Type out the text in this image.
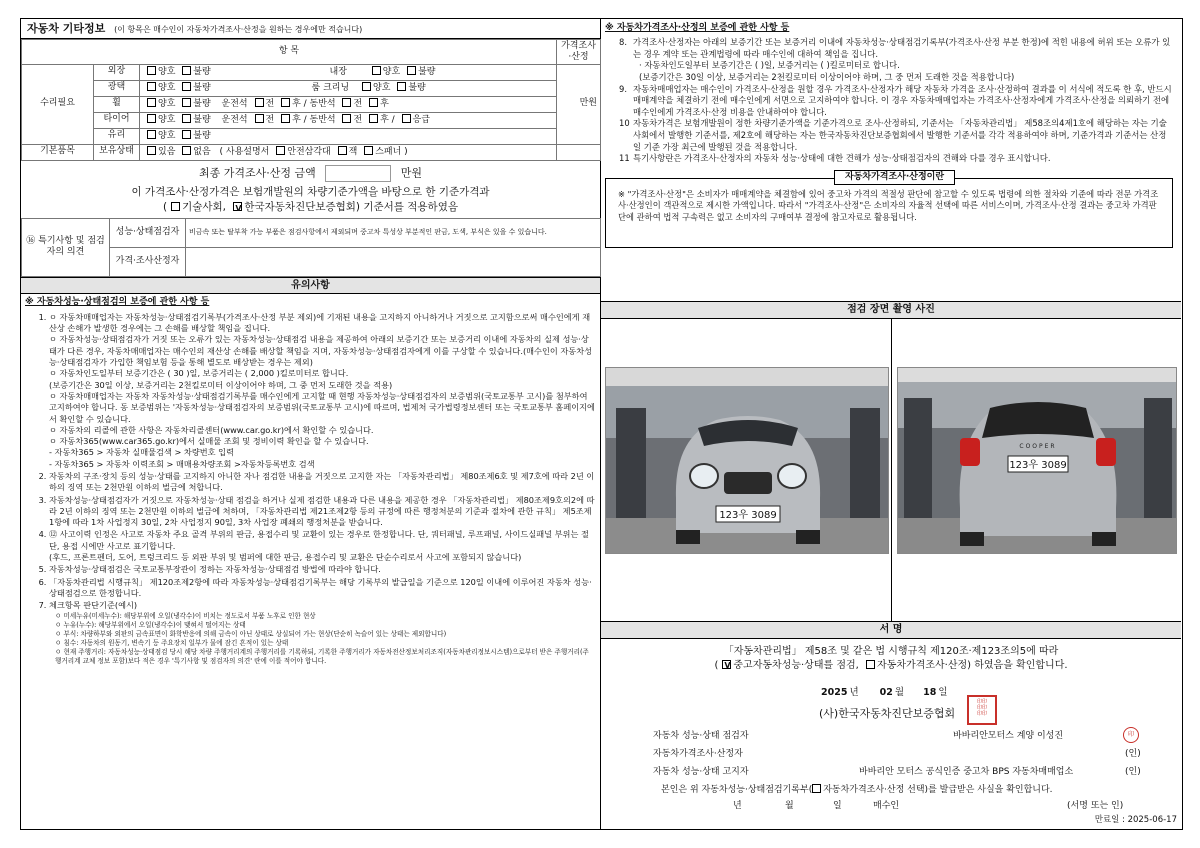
자동차 기타정보 (이 항목은 매수인이 자동차가격조사·산정을 원하는 경우에만 적습니다)
항 목			가격조사·산정
수리필요	외장	양호 불량 내장 양호 불량	만원
	광택	양호 불량 룸 크리닝 양호 불량	
	휠	양호 불량 운전석 전 후 / 동반석 전 후	
	타이어	양호 불량 운전석 전 후 / 동반석 전 후 / 응급	
	유리	양호 불량	
기본품목	보유상태	있음 없음 ( 사용설명서 안전삼각대 잭 스패너 )	
최종 가격조사·산정 금액	만원
이 가격조사·산정가격은 보험개발원의 차량기준가액을 바탕으로 한 기준가격과
( 기술사회, V 한국자동차진단보증협회) 기준서를 적용하였음
⑯ 특기사항 및 점검자의 의견	성능·상태점검자	비금속 또는 탈부착 가능 부품은 점검사항에서 제외되며 중고차 특성상 부분적인 판금, 도색, 부식은 있을 수 있습니다.
	가격·조사산정자	
유의사항
※ 자동차성능·상태점검의 보증에 관한 사항 등
1. ㅇ 자동차매매업자는 자동차성능·상태점검기록부(가격조사·산정 부분 제외)에 기재된 내용을 고지하지 아니하거나 거짓으로 고지함으로써 매수인에게 재산상 손해가 발생한 경우에는 그 손해를 배상할 책임을 집니다.
ㅇ 자동차성능·상태점검자가 거짓 또는 오류가 있는 자동차성능·상태점검 내용을 제공하여 아래의 보증기간 또는 보증거리 이내에 자동차의 실제 성능·상태가 다른 경우, 자동차매매업자는 매수인의 재산상 손해를 배상할 책임을 지며, 자동차성능·상태점검자에게 이를 구상할 수 있습니다.(매수인이 자동차성능·상태점검자가 가입한 책임보험 등을 통해 별도로 배상받는 경우는 제외)
ㅇ 자동차인도일부터 보증기간은 ( 30 )일, 보증거리는 ( 2,000 )킬로미터로 합니다.
(보증기간은 30일 이상, 보증거리는 2천킬로미터 이상이어야 하며, 그 중 먼저 도래한 것을 적용)
ㅇ 자동차매매업자는 자동차 자동차성능·상태점검기록부를 매수인에게 고지할 때 현행 자동차성능·상태점검자의 보증범위(국토교통부 고시)를 첨부하여 고지하여야 합니다. 동 보증범위는 '자동차성능·상태점검자의 보증범위(국토교통부 고시)에 따르며, 법제처 국가법령정보센터 또는 국토교통부 홈페이지에서 확인할 수 있습니다.
ㅇ 자동차의 리콜에 관한 사항은 자동차리콜센터(www.car.go.kr)에서 확인할 수 있습니다.
ㅇ 자동차365(www.car365.go.kr)에서 실매물 조회 및 정비이력 확인을 할 수 있습니다.
- 자동차365 > 자동차 실매물검색 > 차량번호 입력
- 자동차365 > 자동차 이력조회 > 매매용차량조회 >자동차등록번호 검색
2. 자동차의 구조·장치 등의 성능·상태를 고지하지 아니한 자나 점검한 내용을 거짓으로 고지한 자는 「자동차관리법」 제80조제6호 및 제7호에 따라 2년 이하의 징역 또는 2천만원 이하의 벌금에 처합니다.
3. 자동차성능·상태점검자가 거짓으로 자동차성능·상태 점검을 하거나 실제 점검한 내용과 다른 내용을 제공한 경우 「자동차관리법」 제80조제9호의2에 따라 2년 이하의 징역 또는 2천만원 이하의 벌금에 처하며, 「자동차관리법 제21조제2항 등의 규정에 따른 행정처분의 기준과 절차에 관한 규칙」 제5조제1항에 따라 1차 사업정지 30일, 2차 사업정지 90일, 3차 사업장 폐쇄의 행정처분을 받습니다.
4. ⑫ 사고이력 인정은 사고로 자동차 주요 골격 부위의 판금, 용접수리 및 교환이 있는 경우로 한정합니다. 단, 쿼터패널, 루프패널, 사이드실패널 부위는 절단, 용접 시에만 사고로 표기합니다.
(후드, 프론트펜더, 도어, 트렁크리드 등 외판 부위 및 범퍼에 대한 판금, 용접수리 및 교환은 단순수리로서 사고에 포함되지 않습니다)
5. 자동차성능·상태점검은 국토교통부장관이 정하는 자동차성능·상태점검 방법에 따라야 합니다.
6. 「자동차관리법 시행규칙」 제120조제2항에 따라 자동차성능·상태점검기록부는 해당 기록부의 발급일을 기준으로 120일 이내에 이루어진 자동차 성능·상태점검으로 한정합니다.
7. 체크항목 판단기준(예시)
ㅇ 미세누유(미세누수): 해당부위에 오일(냉각수)이 비치는 정도로서 부품 노후로 인한 현상
ㅇ 누유(누수): 해당부위에서 오일(냉각수)이 맺혀서 떨어지는 상태
ㅇ 부식: 차량하부와 외판의 금속표면이 화학반응에 의해 금속이 아닌 상태로 상실되어 가는 현상(단순히 녹슬어 있는 상태는 제외합니다)
ㅇ 침수: 자동차의 원동기, 변속기 등 주요장치 일부가 물에 잠긴 흔적이 있는 상태
ㅇ 현재 주행거리: 자동차성능·상태점검 당시 해당 차량 주행거리계의 주행거리를 기록하되, 기록한 주행거리가 자동차전산정보처리조직(자동차관리정보시스템)으로부터 받은 주행거리(주행거리계 교체 정보 포함)보다 적은 경우 '특기사항 및 점검자의 의견' 란에 이를 적어야 합니다.
※ 자동차가격조사·산정의 보증에 관한 사항 등
8. 가격조사·산정자는 아래의 보증기간 또는 보증거리 이내에 자동차성능·상태점검기록부(가격조사·산정 부분 한정)에 적힌 내용에 허위 또는 오류가 있는 경우 계약 또는 관계법령에 따라 매수인에 대하여 책임을 집니다.
· 자동차인도일부터 보증기간은 ( )일, 보증거리는 ( )킬로미터로 합니다.
(보증기간은 30일 이상, 보증거리는 2천킬로미터 이상이어야 하며, 그 중 먼저 도래한 것을 적용합니다)
9. 자동차매매업자는 매수인이 가격조사·산정을 원할 경우 가격조사·산정자가 해당 자동차 가격을 조사·산정하여 결과를 이 서식에 적도록 한 후, 반드시 매매계약을 체결하기 전에 매수인에게 서면으로 고지하여야 합니다. 이 경우 자동차매매업자는 가격조사·산정자에게 가격조사·산정을 의뢰하기 전에 매수인에게 가격조사·산정 비용을 안내하여야 합니다.
10 자동차가격은 보험개발원이 정한 차량기준가액을 기준가격으로 조사·산정하되, 기준서는 「자동차관리법」 제58조의4제1호에 해당하는 자는 기술사회에서 발행한 기준서를, 제2호에 해당하는 자는 한국자동차진단보증협회에서 발행한 기준서를 각각 적용하여야 하며, 기준가격과 기준서는 산정일 기준 가장 최근에 발행된 것을 적용합니다.
11 특기사항란은 가격조사·산정자의 자동차 성능·상태에 대한 견해가 성능·상태점검자의 견해와 다를 경우 표시합니다.
자동차가격조사·산정이란
※ "가격조사·산정"은 소비자가 매매계약을 체결함에 있어 중고차 가격의 적절성 판단에 참고할 수 있도록 법령에 의한 절차와 기준에 따라 전문 가격조사·산정인이 객관적으로 제시한 가액입니다. 따라서 "가격조사·산정"은 소비자의 자율적 선택에 따른 서비스이며, 가격조사·산정 결과는 중고차 가격판단에 관하여 법적 구속력은 없고 소비자의 구매여부 결정에 참고자료로 활용됩니다.
점검 장면 촬영 사진
123우 3089
COOPER
123우 3089
서 명
「자동차관리법」 제58조 및 같은 법 시행규칙 제120조·제123조의5에 따라
( V 중고자동차성능·상태를 점검, 자동차가격조사·산정) 하였음을 확인합니다.
2025 년 02 월 18 일
(사)한국자동차진단보증협회
印印
印印
印印
자동차 성능·상태 점검자	바바리안모터스 계양 이성진	印
자동차가격조사·산정자	(인)
자동차 성능·상태 고지자	바바리안 모터스 공식인증 중고차 BPS 자동차매매업소	(인)
본인은 위 자동차성능·상태점검기록부( 자동차가격조사·산정 선택)를 발급받은 사실을 확인합니다.
년	월	일	매수인	(서명 또는 인)
만료일 : 2025-06-17
